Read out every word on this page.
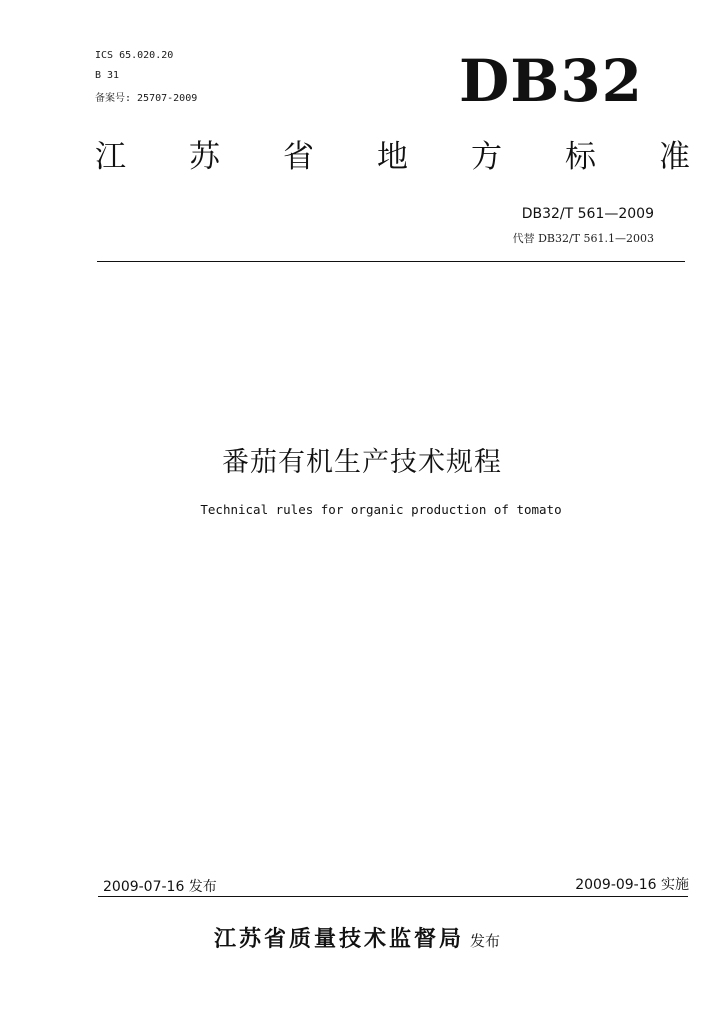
ICS 65.020.20
B 31
备案号: 25707-2009	DB32
江 苏 省 地 方 标 准
DB32/T 561—2009
代替 DB32/T 561.1—2003
番茄有机生产技术规程
Technical rules for organic production of tomato
2009-07-16 发布	2009-09-16 实施
江苏省质量技术监督局 发布
